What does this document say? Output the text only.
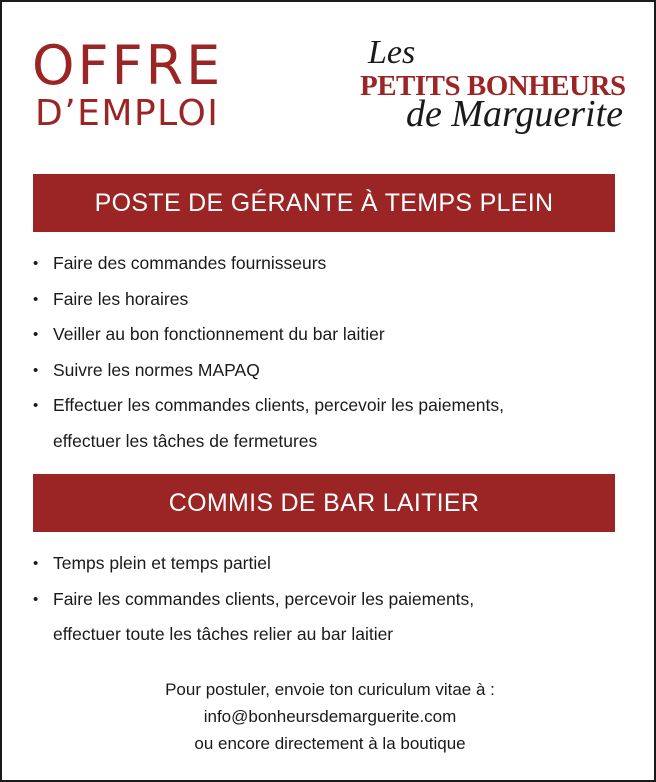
OFFRE
D’EMPLOI
Les
PETITS BONHEURS
de Marguerite
POSTE DE GÉRANTE À TEMPS PLEIN
• Faire des commandes fournisseurs
• Faire les horaires
• Veiller au bon fonctionnement du bar laitier
• Suivre les normes MAPAQ
• Effectuer les commandes clients, percevoir les paiements,
effectuer les tâches de fermetures
COMMIS DE BAR LAITIER
• Temps plein et temps partiel
• Faire les commandes clients, percevoir les paiements,
effectuer toute les tâches relier au bar laitier
Pour postuler, envoie ton curiculum vitae à :
info@bonheursdemarguerite.com
ou encore directement à la boutique
